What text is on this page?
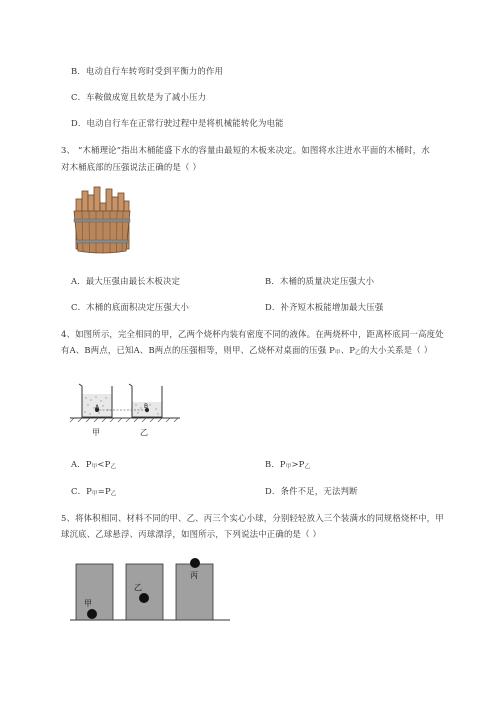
B．电动自行车转弯时受到平衡力的作用
C．车鞍做成宽且软是为了减小压力
D．电动自行车在正常行驶过程中是将机械能转化为电能
3、 “木桶理论”指出木桶能盛下水的容量由最短的木板来决定。如图将水注进水平面的木桶时，水
对木桶底部的压强说法正确的是（ ）
A．最大压强由最长木板决定	B．木桶的质量决定压强大小
C．木桶的底面积决定压强大小	D．补齐短木板能增加最大压强
4、如图所示，完全相同的甲，乙两个烧杯内装有密度不同的液体。在两烧杯中，距离杯底同一高度处
有A、B两点，已知A、B两点的压强相等，则甲、乙烧杯对桌面的压强 P甲、P乙的大小关系是（ ）
A	B
甲	乙
A．P甲<P乙	B．P甲>P乙
C．P甲=P乙	D．条件不足，无法判断
5、将体积相同、材料不同的甲、乙、丙三个实心小球，分别轻轻放入三个装满水的同规格烧杯中，甲
球沉底、乙球悬浮、丙球漂浮，如图所示，下列说法中正确的是（ ）
甲
乙
丙
